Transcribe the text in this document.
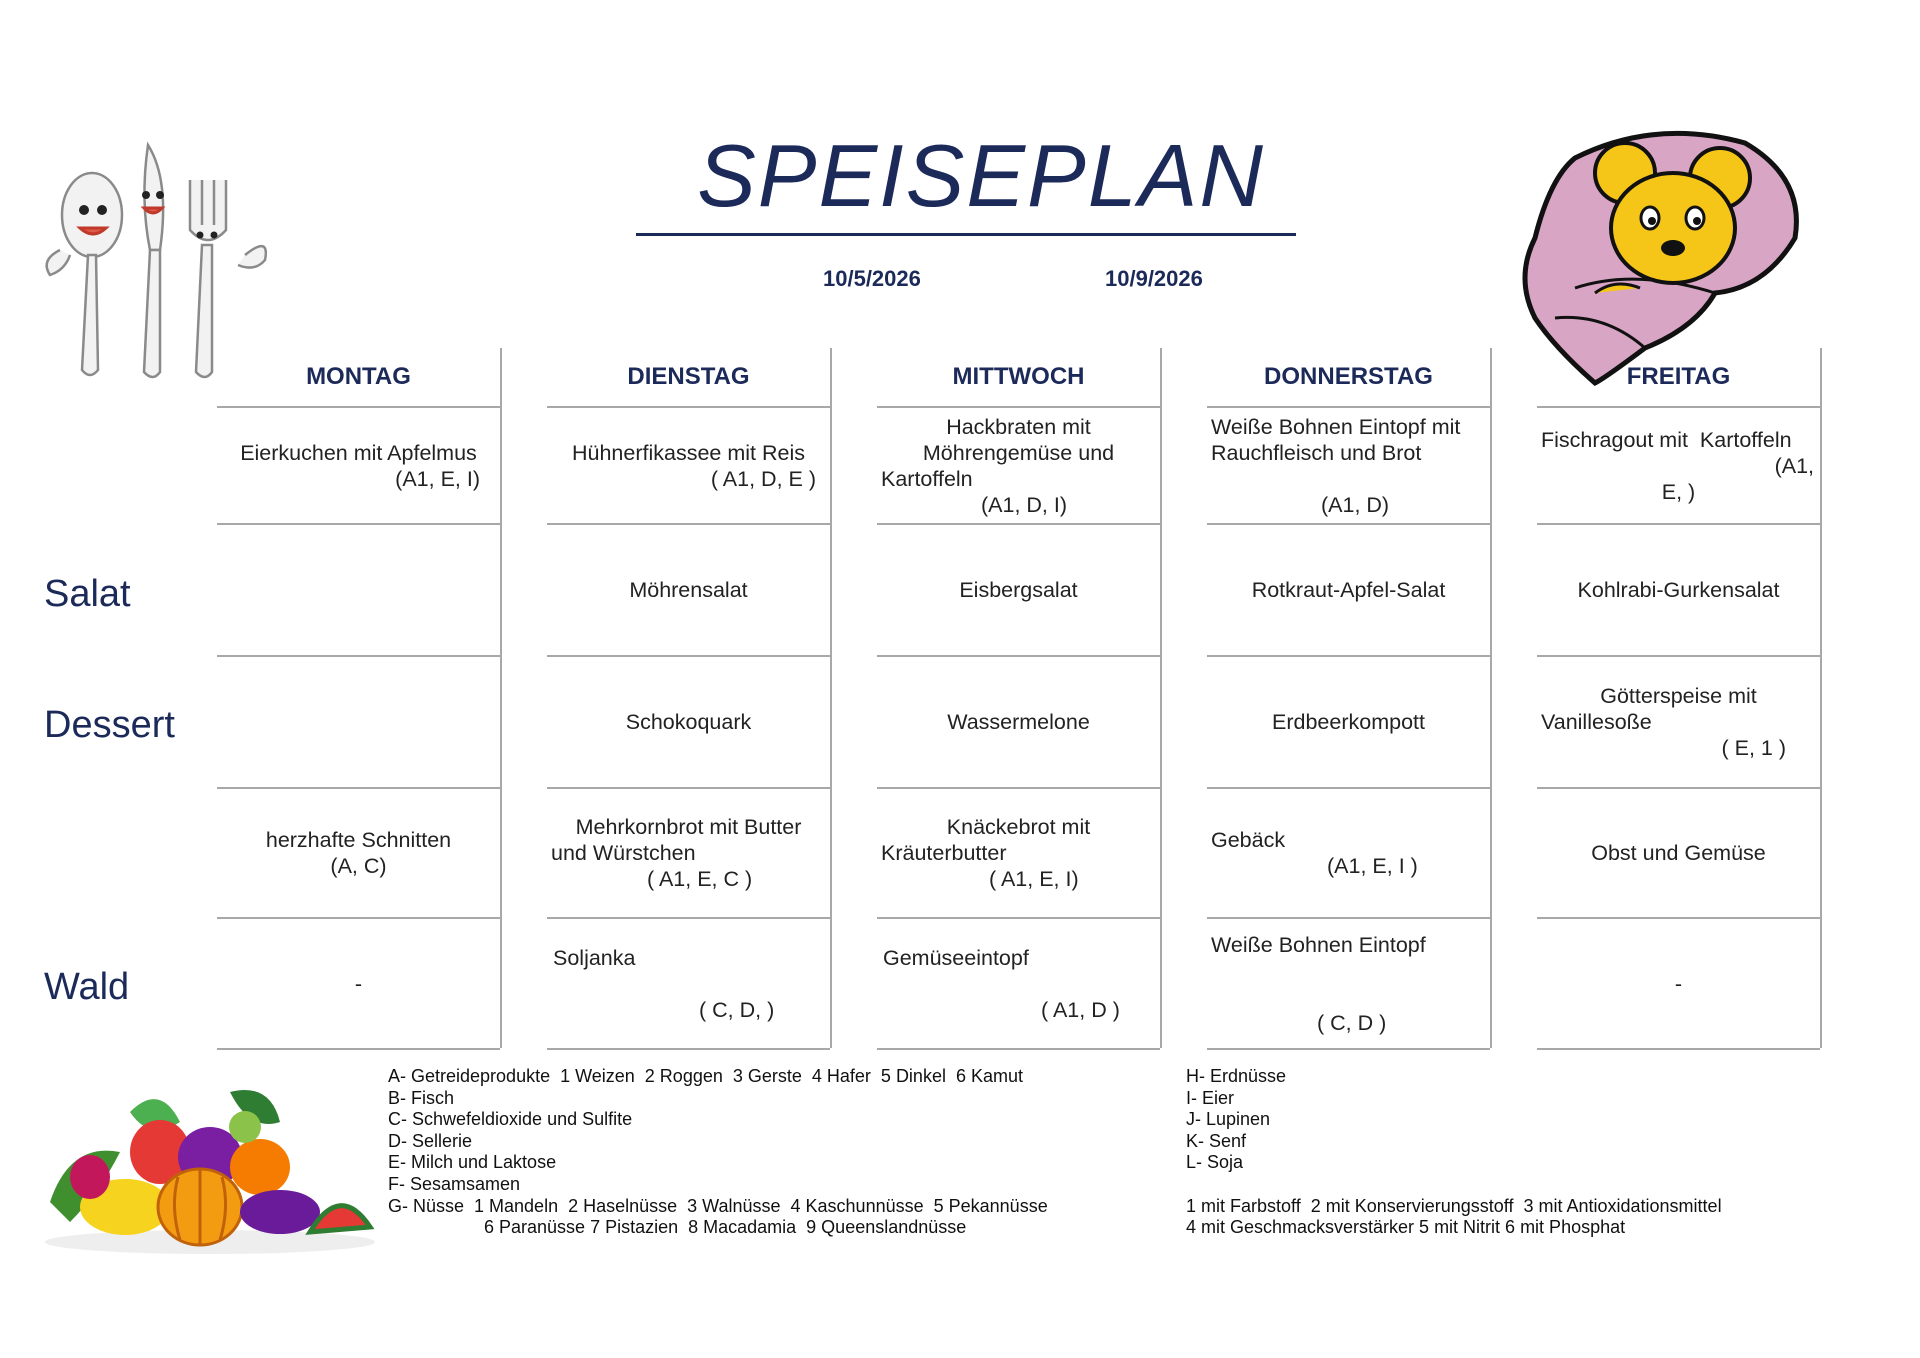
SPEISEPLAN
10/5/2026	10/9/2026
Salat
Dessert
Wald
MONTAG
Eierkuchen mit Apfelmus
(A1, E, I)
herzhafte Schnitten
(A, C)
-
DIENSTAG
Hühnerfikassee mit Reis
( A1, D, E )
Möhrensalat
Schokoquark
Mehrkornbrot mit Butter
und Würstchen
( A1, E, C )
Soljanka
( C, D, )
MITTWOCH
Hackbraten mit
Möhrengemüse und
Kartoffeln
(A1, D, I)
Eisbergsalat
Wassermelone
Knäckebrot mit
Kräuterbutter
( A1, E, I)
Gemüseeintopf
( A1, D )
DONNERSTAG
Weiße Bohnen Eintopf mit
Rauchfleisch und Brot
(A1, D)
Rotkraut-Apfel-Salat
Erdbeerkompott
Gebäck
(A1, E, I )
Weiße Bohnen Eintopf
( C, D )
FREITAG
Fischragout mit  Kartoffeln
(A1,
E, )
Kohlrabi-Gurkensalat
Götterspeise mit
Vanillesoße
( E, 1 )
Obst und Gemüse
-
A- Getreideprodukte  1 Weizen  2 Roggen  3 Gerste  4 Hafer  5 Dinkel  6 Kamut
B- Fisch
C- Schwefeldioxide und Sulfite
D- Sellerie
E- Milch und Laktose
F- Sesamsamen
G- Nüsse  1 Mandeln  2 Haselnüsse  3 Walnüsse  4 Kaschunnüsse  5 Pekannüsse
6 Paranüsse 7 Pistazien  8 Macadamia  9 Queenslandnüsse
H- Erdnüsse
I- Eier
J- Lupinen
K- Senf
L- Soja
1 mit Farbstoff  2 mit Konservierungsstoff  3 mit Antioxidationsmittel
4 mit Geschmacksverstärker 5 mit Nitrit 6 mit Phosphat
